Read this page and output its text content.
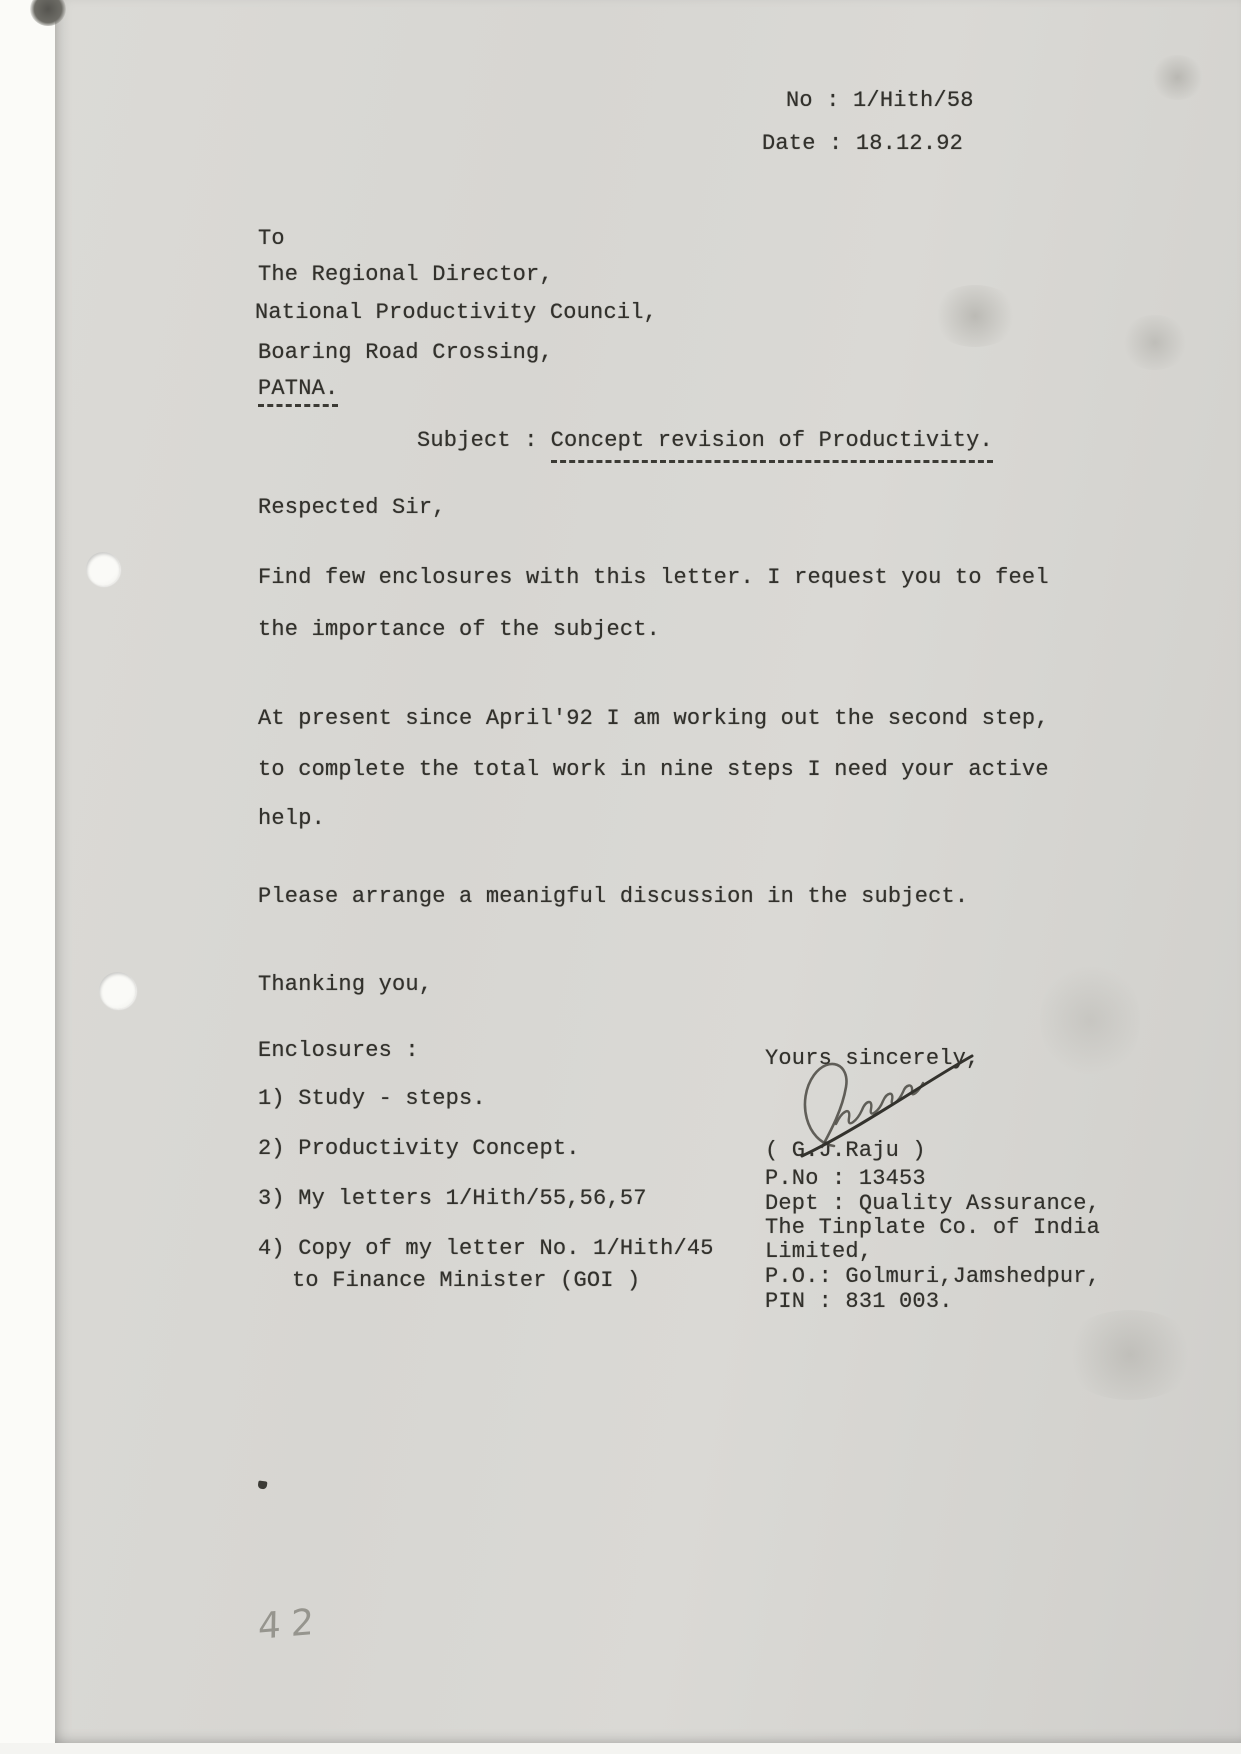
No : 1/Hith/58
Date : 18.12.92
To
The Regional Director,
National Productivity Council,
Boaring Road Crossing,
PATNA.
Subject : Concept revision of Productivity.
Respected Sir,
Find few enclosures with this letter. I request you to feel
the importance of the subject.
At present since April'92 I am working out the second step,
to complete the total work in nine steps I need your active
help.
Please arrange a meanigful discussion in the subject.
Thanking you,
Enclosures :
1) Study - steps.
2) Productivity Concept.
3) My letters 1/Hith/55,56,57
4) Copy of my letter No. 1/Hith/45
to Finance Minister (GOI )
Yours sincerely,
( G.J.Raju )
P.No : 13453
Dept : Quality Assurance,
The Tinplate Co. of India
Limited,
P.O.: Golmuri,Jamshedpur,
PIN : 831 003.
42
